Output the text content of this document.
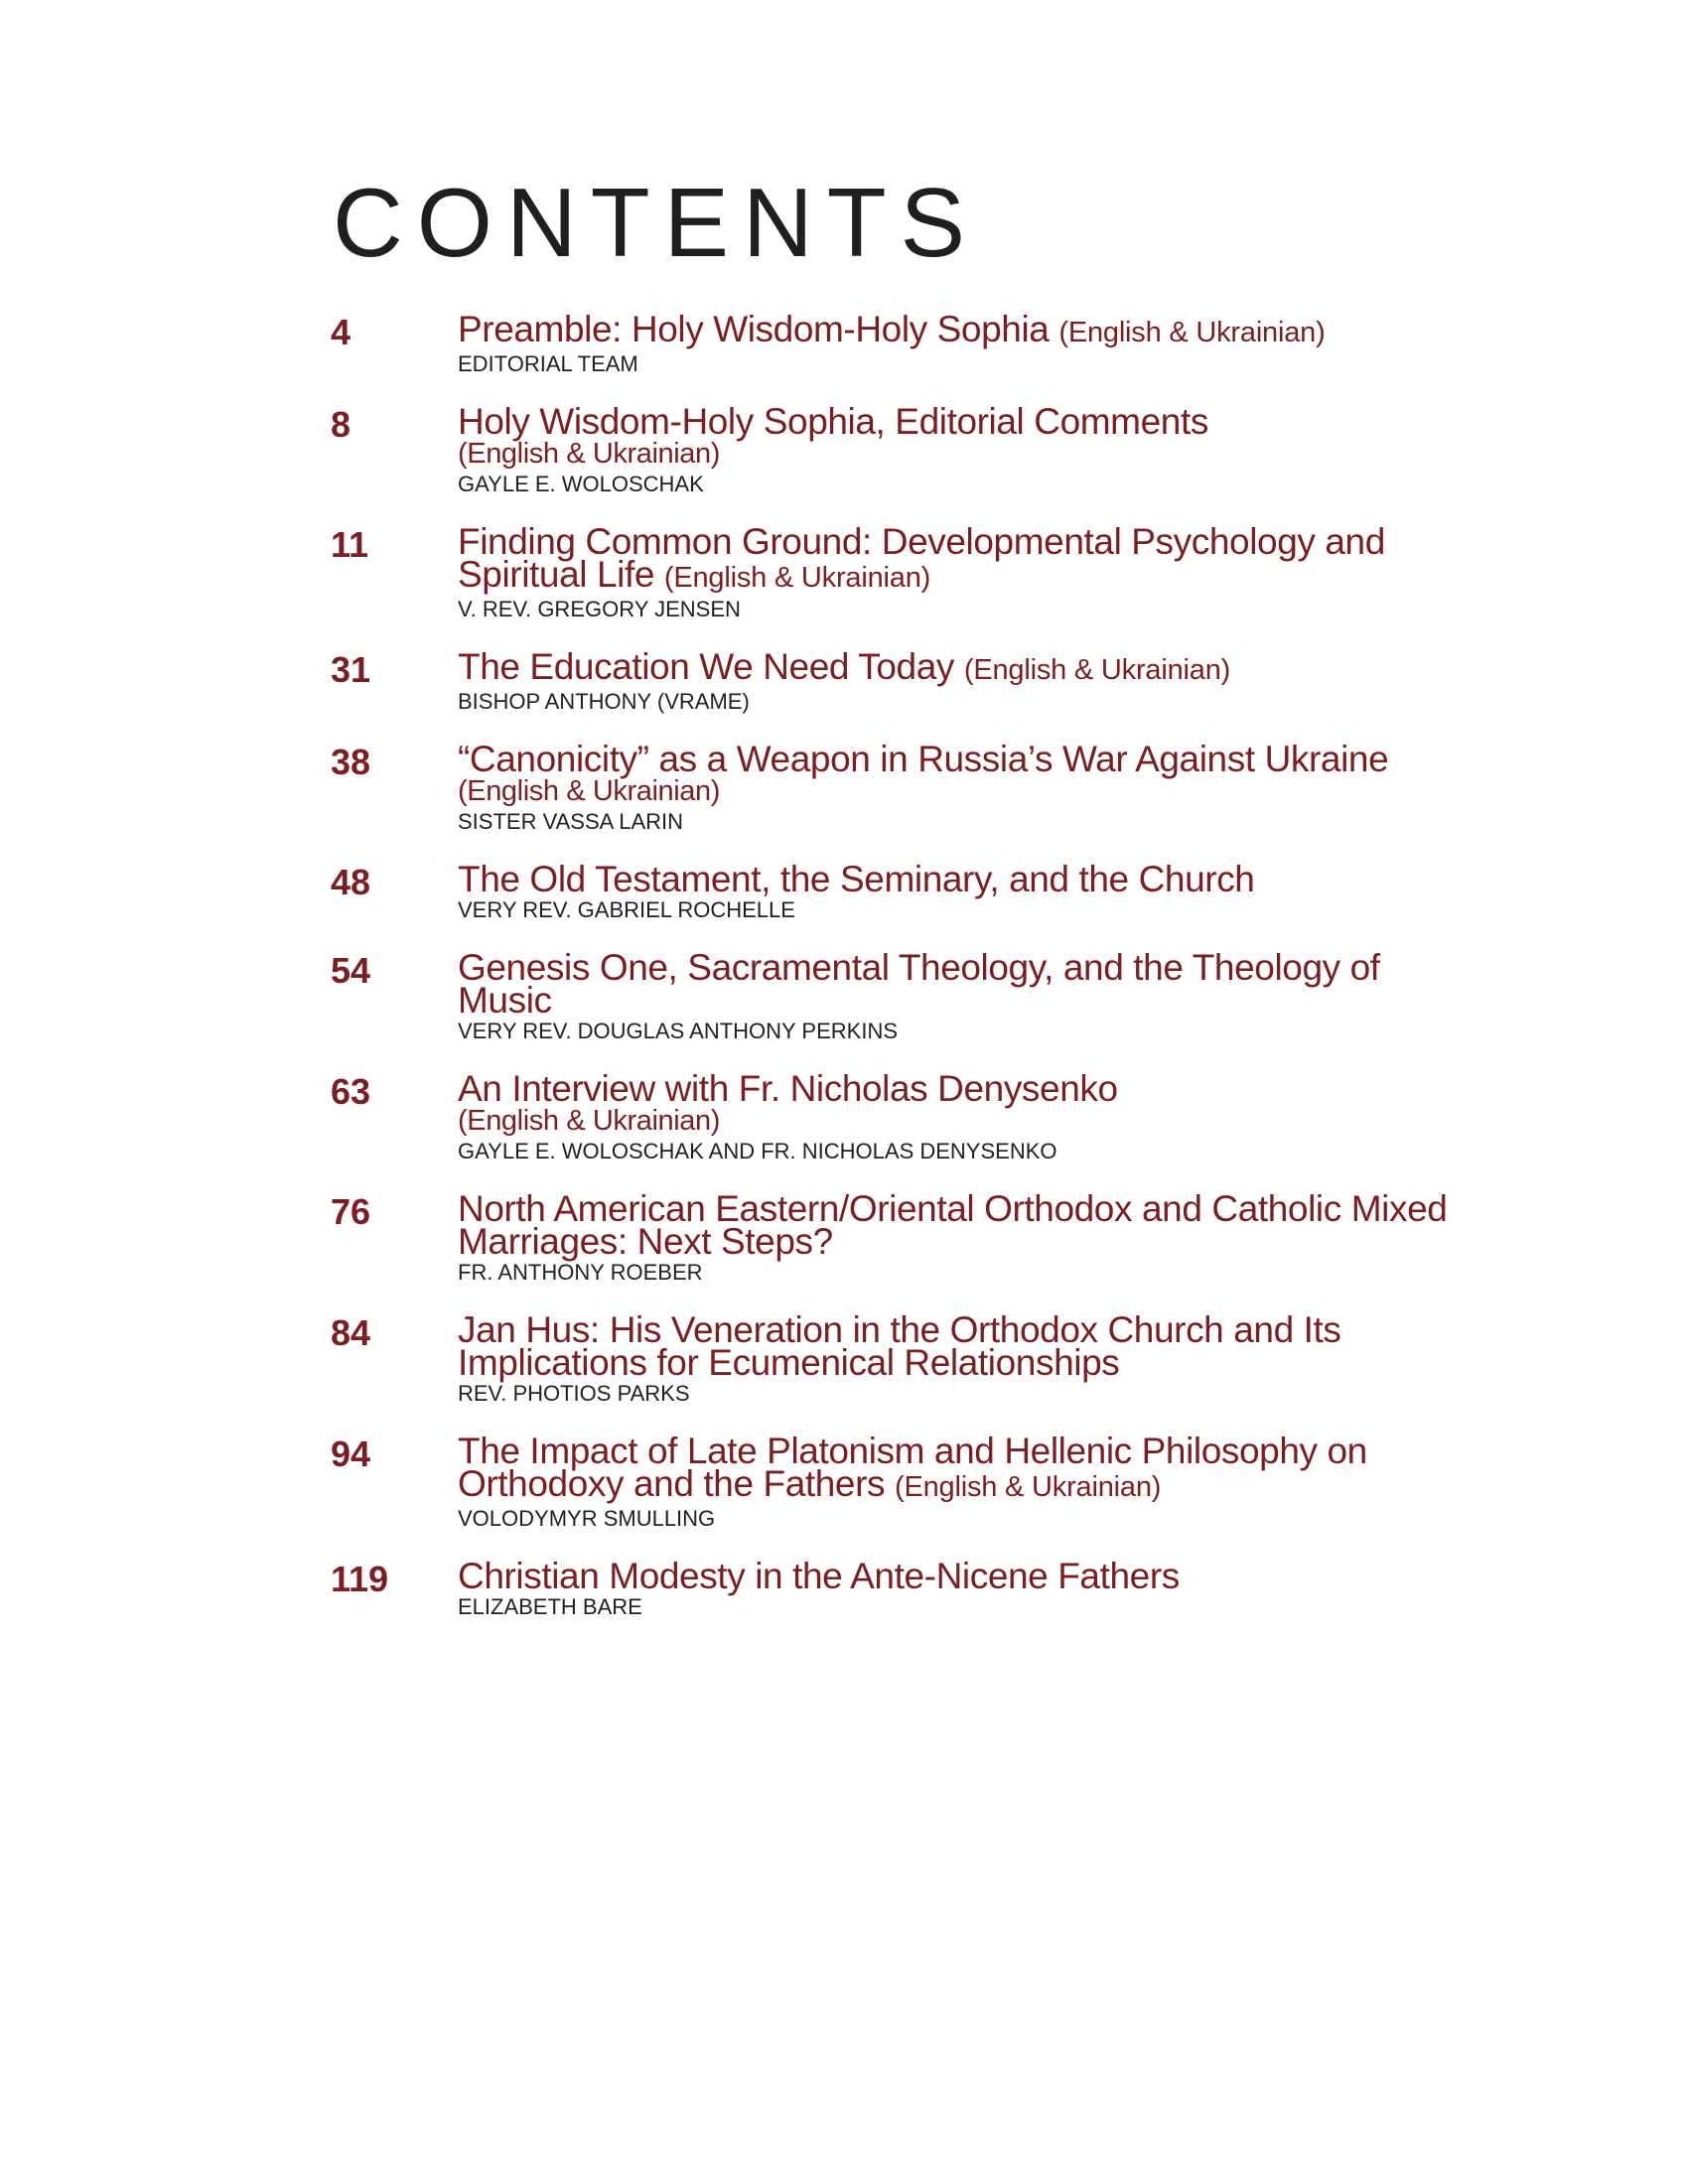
CONTENTS
4	Preamble: Holy Wisdom-Holy Sophia (English & Ukrainian)
EDITORIAL TEAM
8	Holy Wisdom-Holy Sophia, Editorial Comments
(English & Ukrainian)
GAYLE E. WOLOSCHAK
11	Finding Common Ground: Developmental Psychology and Spiritual Life (English & Ukrainian)
V. REV. GREGORY JENSEN
31	The Education We Need Today (English & Ukrainian)
BISHOP ANTHONY (VRAME)
38	“Canonicity” as a Weapon in Russia’s War Against Ukraine
(English & Ukrainian)
SISTER VASSA LARIN
48	The Old Testament, the Seminary, and the Church
VERY REV. GABRIEL ROCHELLE
54	Genesis One, Sacramental Theology, and the Theology of Music
VERY REV. DOUGLAS ANTHONY PERKINS
63	An Interview with Fr. Nicholas Denysenko
(English & Ukrainian)
GAYLE E. WOLOSCHAK AND FR. NICHOLAS DENYSENKO
76	North American Eastern/Oriental Orthodox and Catholic Mixed Marriages: Next Steps?
FR. ANTHONY ROEBER
84	Jan Hus: His Veneration in the Orthodox Church and Its Implications for Ecumenical Relationships
REV. PHOTIOS PARKS
94	The Impact of Late Platonism and Hellenic Philosophy on Orthodoxy and the Fathers (English & Ukrainian)
VOLODYMYR SMULLING
119	Christian Modesty in the Ante-Nicene Fathers
ELIZABETH BARE
